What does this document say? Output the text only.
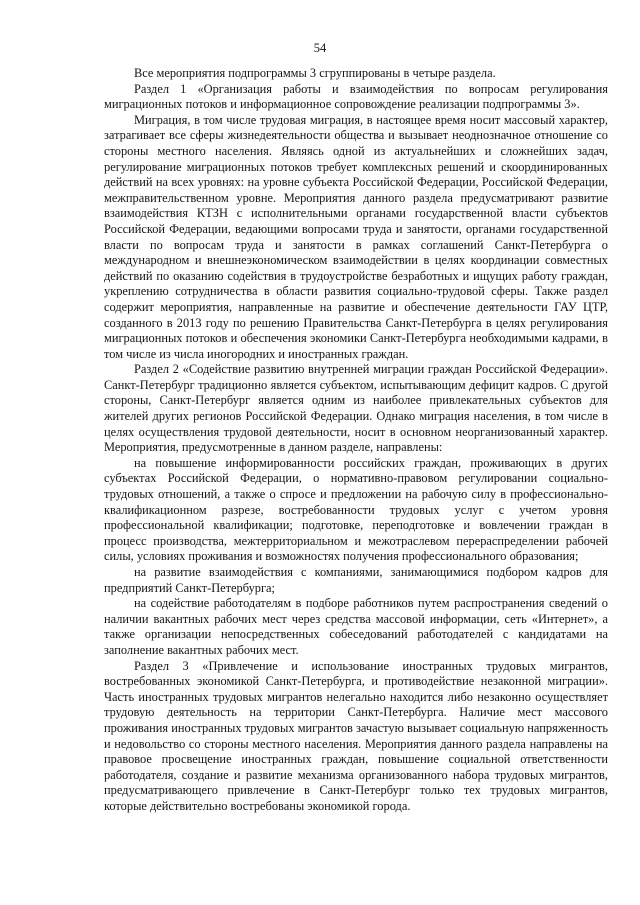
54

Все мероприятия подпрограммы 3 сгруппированы в четыре раздела.

Раздел 1 «Организация работы и взаимодействия по вопросам регулирования миграционных потоков и информационное сопровождение реализации подпрограммы 3».

Миграция, в том числе трудовая миграция, в настоящее время носит массовый характер, затрагивает все сферы жизнедеятельности общества и вызывает неоднозначное отношение со стороны местного населения. Являясь одной из актуальнейших и сложнейших задач, регулирование миграционных потоков требует комплексных решений и скоординированных действий на всех уровнях: на уровне субъекта Российской Федерации, Российской Федерации, межправительственном уровне. Мероприятия данного раздела предусматривают развитие взаимодействия КТЗН с исполнительными органами государственной власти субъектов Российской Федерации, ведающими вопросами труда и занятости, органами государственной власти по вопросам труда и занятости в рамках соглашений Санкт-Петербурга о международном и внешнеэкономическом взаимодействии в целях координации совместных действий по оказанию содействия в трудоустройстве безработных и ищущих работу граждан, укреплению сотрудничества в области развития социально-трудовой сферы. Также раздел содержит мероприятия, направленные на развитие и обеспечение деятельности ГАУ ЦТР, созданного в 2013 году по решению Правительства Санкт-Петербурга в целях регулирования миграционных потоков и обеспечения экономики Санкт-Петербурга необходимыми кадрами, в том числе из числа иногородних и иностранных граждан.

Раздел 2 «Содействие развитию внутренней миграции граждан Российской Федерации». Санкт-Петербург традиционно является субъектом, испытывающим дефицит кадров. С другой стороны, Санкт-Петербург является одним из наиболее привлекательных субъектов для жителей других регионов Российской Федерации. Однако миграция населения, в том числе в целях осуществления трудовой деятельности, носит в основном неорганизованный характер. Мероприятия, предусмотренные в данном разделе, направлены:

на повышение информированности российских граждан, проживающих в других субъектах Российской Федерации, о нормативно-правовом регулировании социально-трудовых отношений, а также о спросе и предложении на рабочую силу в профессионально-квалификационном разрезе, востребованности трудовых услуг с учетом уровня профессиональной квалификации; подготовке, переподготовке и вовлечении граждан в процесс производства, межтерриториальном и межотраслевом перераспределении рабочей силы, условиях проживания и возможностях получения профессионального образования;

на развитие взаимодействия с компаниями, занимающимися подбором кадров для предприятий Санкт-Петербурга;

на содействие работодателям в подборе работников путем распространения сведений о наличии вакантных рабочих мест через средства массовой информации, сеть «Интернет», а также организации непосредственных собеседований работодателей с кандидатами на заполнение вакантных рабочих мест.

Раздел 3 «Привлечение и использование иностранных трудовых мигрантов, востребованных экономикой Санкт-Петербурга, и противодействие незаконной миграции». Часть иностранных трудовых мигрантов нелегально находится либо незаконно осуществляет трудовую деятельность на территории Санкт-Петербурга. Наличие мест массового проживания иностранных трудовых мигрантов зачастую вызывает социальную напряженность и недовольство со стороны местного населения. Мероприятия данного раздела направлены на правовое просвещение иностранных граждан, повышение социальной ответственности работодателя, создание и развитие механизма организованного набора трудовых мигрантов, предусматривающего привлечение в Санкт-Петербург только тех трудовых мигрантов, которые действительно востребованы экономикой города.
